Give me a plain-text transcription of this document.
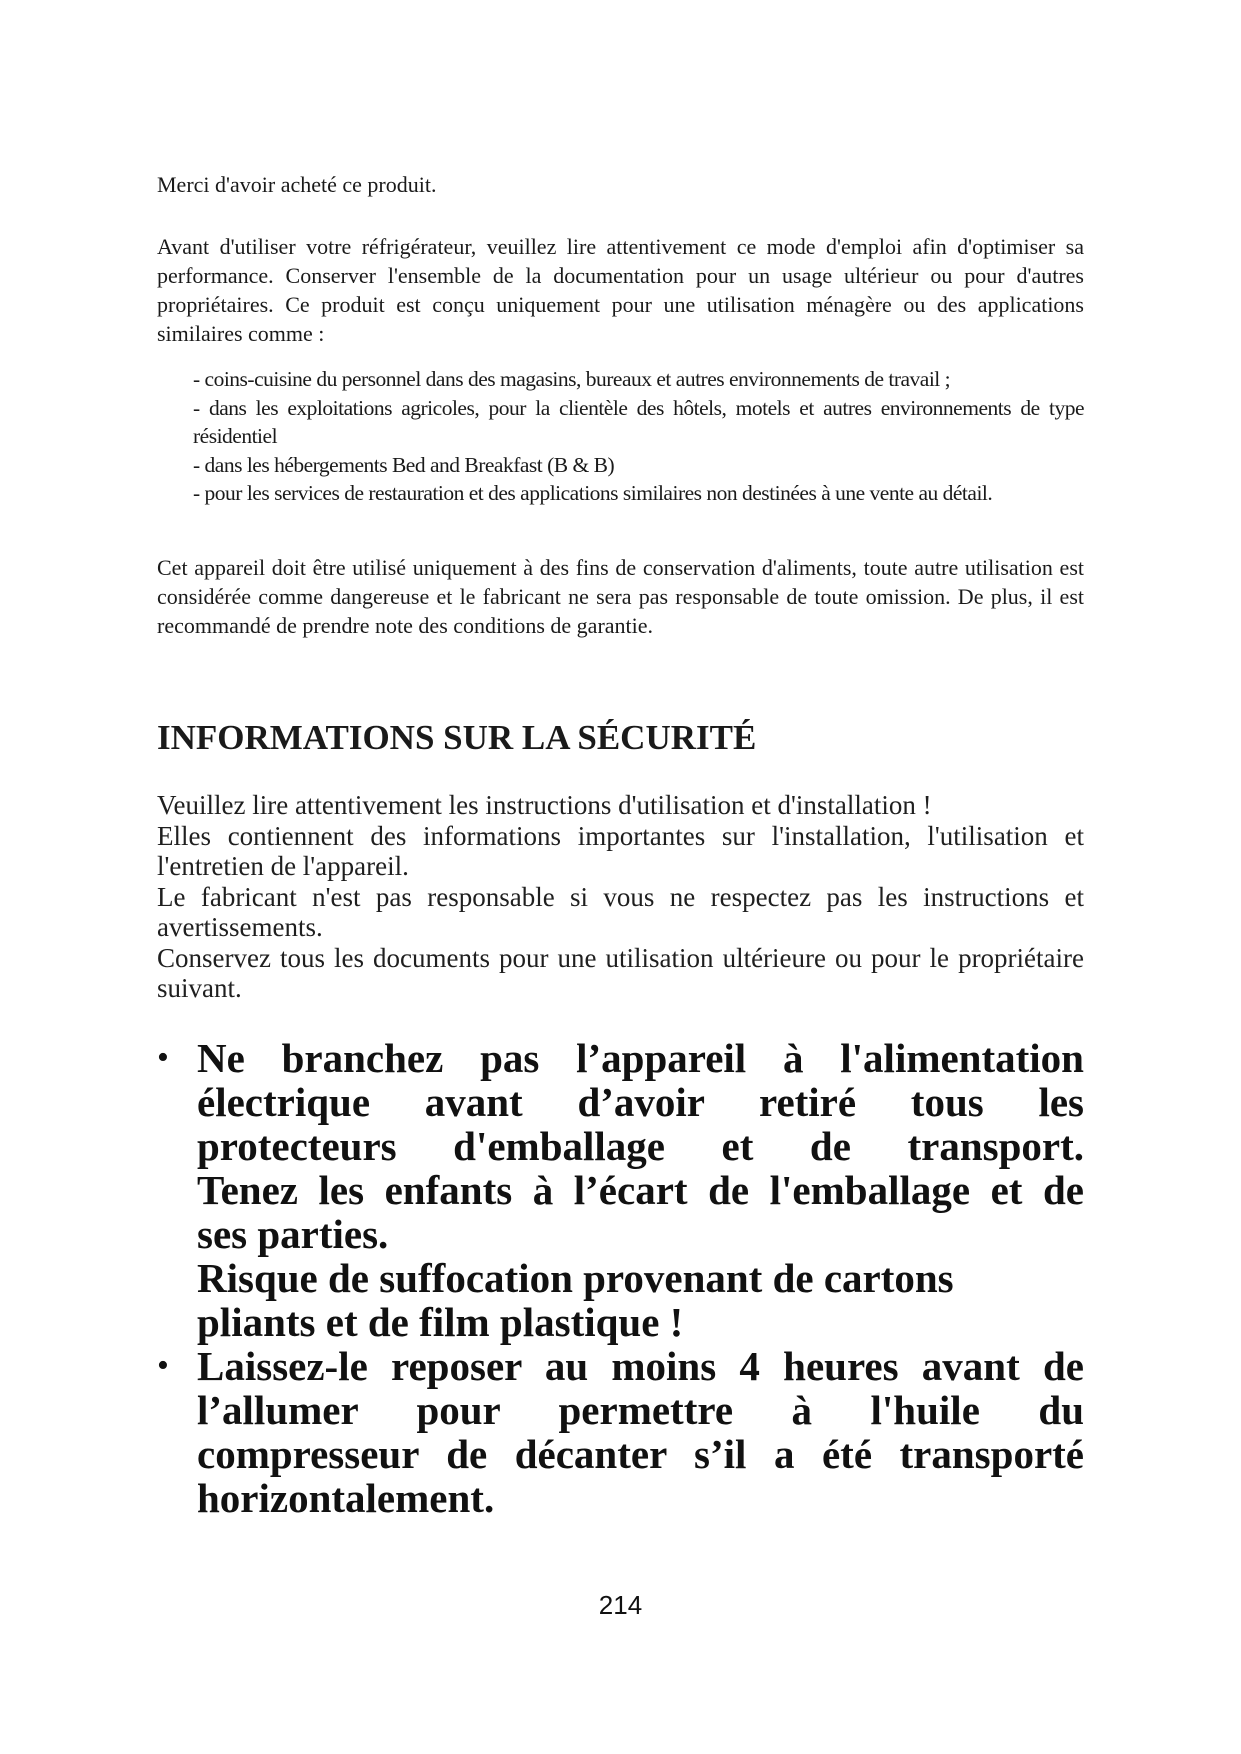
Merci d'avoir acheté ce produit.

Avant d'utiliser votre réfrigérateur, veuillez lire attentivement ce mode d'emploi afin d'optimiser sa performance. Conserver l'ensemble de la documentation pour un usage ultérieur ou pour d'autres propriétaires. Ce produit est conçu uniquement pour une utilisation ménagère ou des applications similaires comme :

- coins-cuisine du personnel dans des magasins, bureaux et autres environnements de travail ;
- dans les exploitations agricoles, pour la clientèle des hôtels, motels et autres environnements de type résidentiel
- dans les hébergements Bed and Breakfast (B & B)
- pour les services de restauration et des applications similaires non destinées à une vente au détail.

Cet appareil doit être utilisé uniquement à des fins de conservation d'aliments, toute autre utilisation est considérée comme dangereuse et le fabricant ne sera pas responsable de toute omission. De plus, il est recommandé de prendre note des conditions de garantie.

INFORMATIONS SUR LA SÉCURITÉ

Veuillez lire attentivement les instructions d'utilisation et d'installation !

Elles contiennent des informations importantes sur l'installation, l'utilisation et l'entretien de l'appareil.

Le fabricant n'est pas responsable si vous ne respectez pas les instructions et avertissements.

Conservez tous les documents pour une utilisation ultérieure ou pour le propriétaire suivant.

• Ne branchez pas l’appareil à l'alimentation
électrique avant d’avoir retiré tous les
protecteurs d'emballage et de transport.
Tenez les enfants à l’écart de l'emballage et de
ses parties.
Risque de suffocation provenant de cartons
pliants et de film plastique !
• Laissez-le reposer au moins 4 heures avant de
l’allumer pour permettre à l'huile du
compresseur de décanter s’il a été transporté
horizontalement.
214
